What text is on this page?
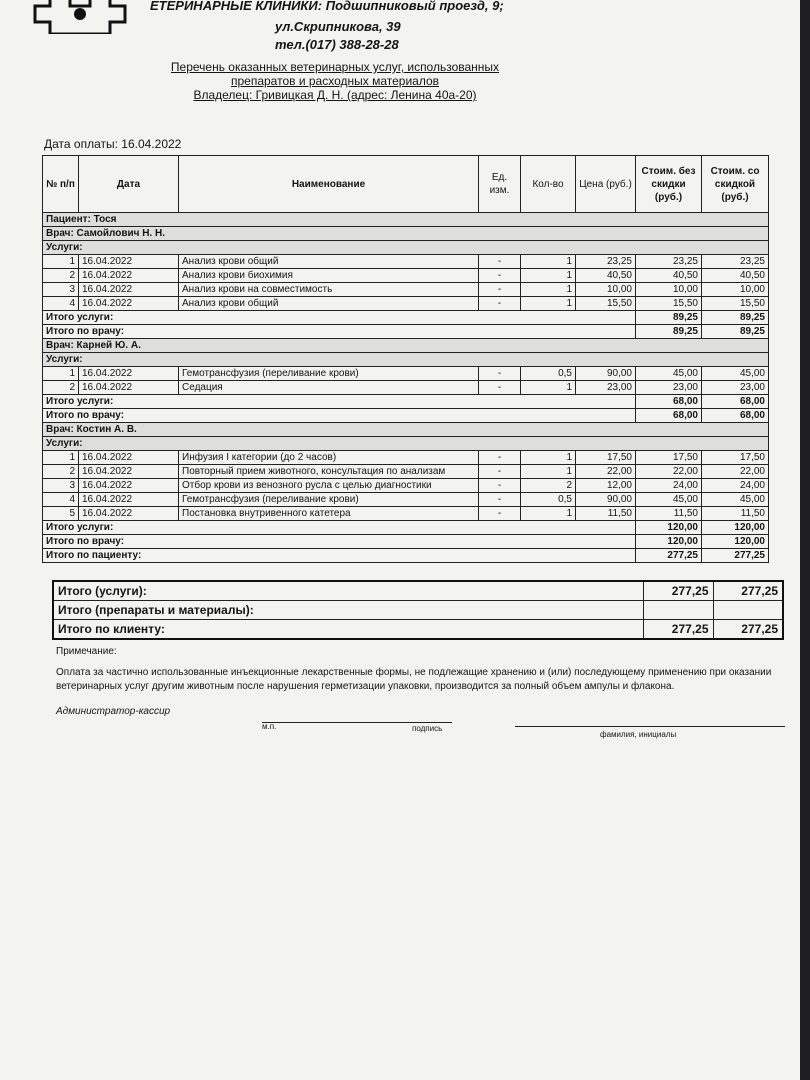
ЕТЕРИНАРНЫЕ КЛИНИКИ: Подшипниковый проезд, 9;
ул.Скрипникова, 39
тел.(017) 388-28-28
Перечень оказанных ветеринарных услуг, использованных
препаратов и расходных материалов
Владелец: Гривицкая Д. Н. (адрес: Ленина 40а-20)
Дата оплаты: 16.04.2022
№ п/п	Дата	Наименование	Ед. изм.	Кол-во	Цена (руб.)	Стоим. без скидки (руб.)	Стоим. со скидкой (руб.)
Пациент: Тося							
Врач: Самойлович Н. Н.							
Услуги:							
1	16.04.2022	Анализ крови общий	-	1	23,25	23,25	23,25
2	16.04.2022	Анализ крови биохимия	-	1	40,50	40,50	40,50
3	16.04.2022	Анализ крови на совместимость	-	1	10,00	10,00	10,00
4	16.04.2022	Анализ крови общий	-	1	15,50	15,50	15,50
Итого услуги:						89,25	89,25
Итого по врачу:						89,25	89,25
Врач: Карней Ю. А.							
Услуги:							
1	16.04.2022	Гемотрансфузия (переливание крови)	-	0,5	90,00	45,00	45,00
2	16.04.2022	Седация	-	1	23,00	23,00	23,00
Итого услуги:						68,00	68,00
Итого по врачу:						68,00	68,00
Врач: Костин А. В.							
Услуги:							
1	16.04.2022	Инфузия I категории (до 2 часов)	-	1	17,50	17,50	17,50
2	16.04.2022	Повторный прием животного, консультация по анализам	-	1	22,00	22,00	22,00
3	16.04.2022	Отбор крови из венозного русла с целью диагностики	-	2	12,00	24,00	24,00
4	16.04.2022	Гемотрансфузия (переливание крови)	-	0,5	90,00	45,00	45,00
5	16.04.2022	Постановка внутривенного катетера	-	1	11,50	11,50	11,50
Итого услуги:						120,00	120,00
Итого по врачу:						120,00	120,00
Итого по пациенту:						277,25	277,25
Итого (услуги):	277,25	277,25
Итого (препараты и материалы):		
Итого по клиенту:	277,25	277,25
Примечание:
Оплата за частично использованные инъекционные лекарственные формы, не подлежащие хранению и (или) последующему применению при оказании ветеринарных услуг другим животным после нарушения герметизации упаковки, производится за полный объем ампулы и флакона.
Администратор-кассир
м.п.	подпись
фамилия, инициалы
